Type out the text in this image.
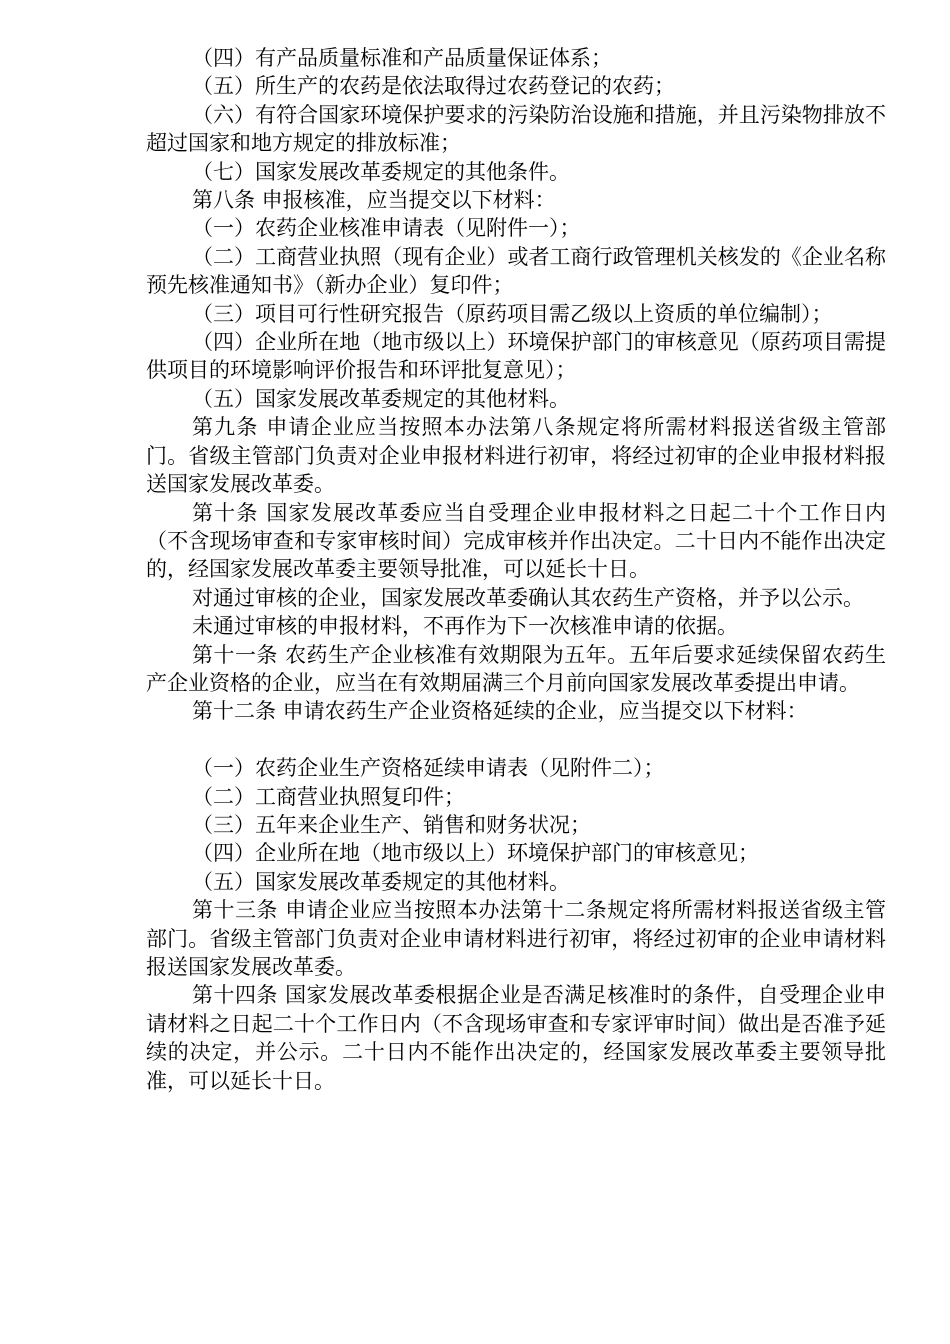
（四）有产品质量标准和产品质量保证体系；

（五）所生产的农药是依法取得过农药登记的农药；

（六）有符合国家环境保护要求的污染防治设施和措施，并且污染物排放不超过国家和地方规定的排放标准；

（七）国家发展改革委规定的其他条件。

第八条 申报核准，应当提交以下材料：

（一）农药企业核准申请表（见附件一）；

（二）工商营业执照（现有企业）或者工商行政管理机关核发的《企业名称预先核准通知书》（新办企业）复印件；

（三）项目可行性研究报告（原药项目需乙级以上资质的单位编制）；

（四）企业所在地（地市级以上）环境保护部门的审核意见（原药项目需提供项目的环境影响评价报告和环评批复意见）；

（五）国家发展改革委规定的其他材料。

第九条 申请企业应当按照本办法第八条规定将所需材料报送省级主管部门。省级主管部门负责对企业申报材料进行初审，将经过初审的企业申报材料报送国家发展改革委。

第十条 国家发展改革委应当自受理企业申报材料之日起二十个工作日内（不含现场审查和专家审核时间）完成审核并作出决定。二十日内不能作出决定的，经国家发展改革委主要领导批准，可以延长十日。

对通过审核的企业，国家发展改革委确认其农药生产资格，并予以公示。

未通过审核的申报材料，不再作为下一次核准申请的依据。

第十一条 农药生产企业核准有效期限为五年。五年后要求延续保留农药生产企业资格的企业，应当在有效期届满三个月前向国家发展改革委提出申请。

第十二条 申请农药生产企业资格延续的企业，应当提交以下材料：

（一）农药企业生产资格延续申请表（见附件二）；

（二）工商营业执照复印件；

（三）五年来企业生产、销售和财务状况；

（四）企业所在地（地市级以上）环境保护部门的审核意见；

（五）国家发展改革委规定的其他材料。

第十三条 申请企业应当按照本办法第十二条规定将所需材料报送省级主管部门。省级主管部门负责对企业申请材料进行初审，将经过初审的企业申请材料报送国家发展改革委。

第十四条 国家发展改革委根据企业是否满足核准时的条件，自受理企业申请材料之日起二十个工作日内（不含现场审查和专家评审时间）做出是否准予延续的决定，并公示。二十日内不能作出决定的，经国家发展改革委主要领导批准，可以延长十日。
